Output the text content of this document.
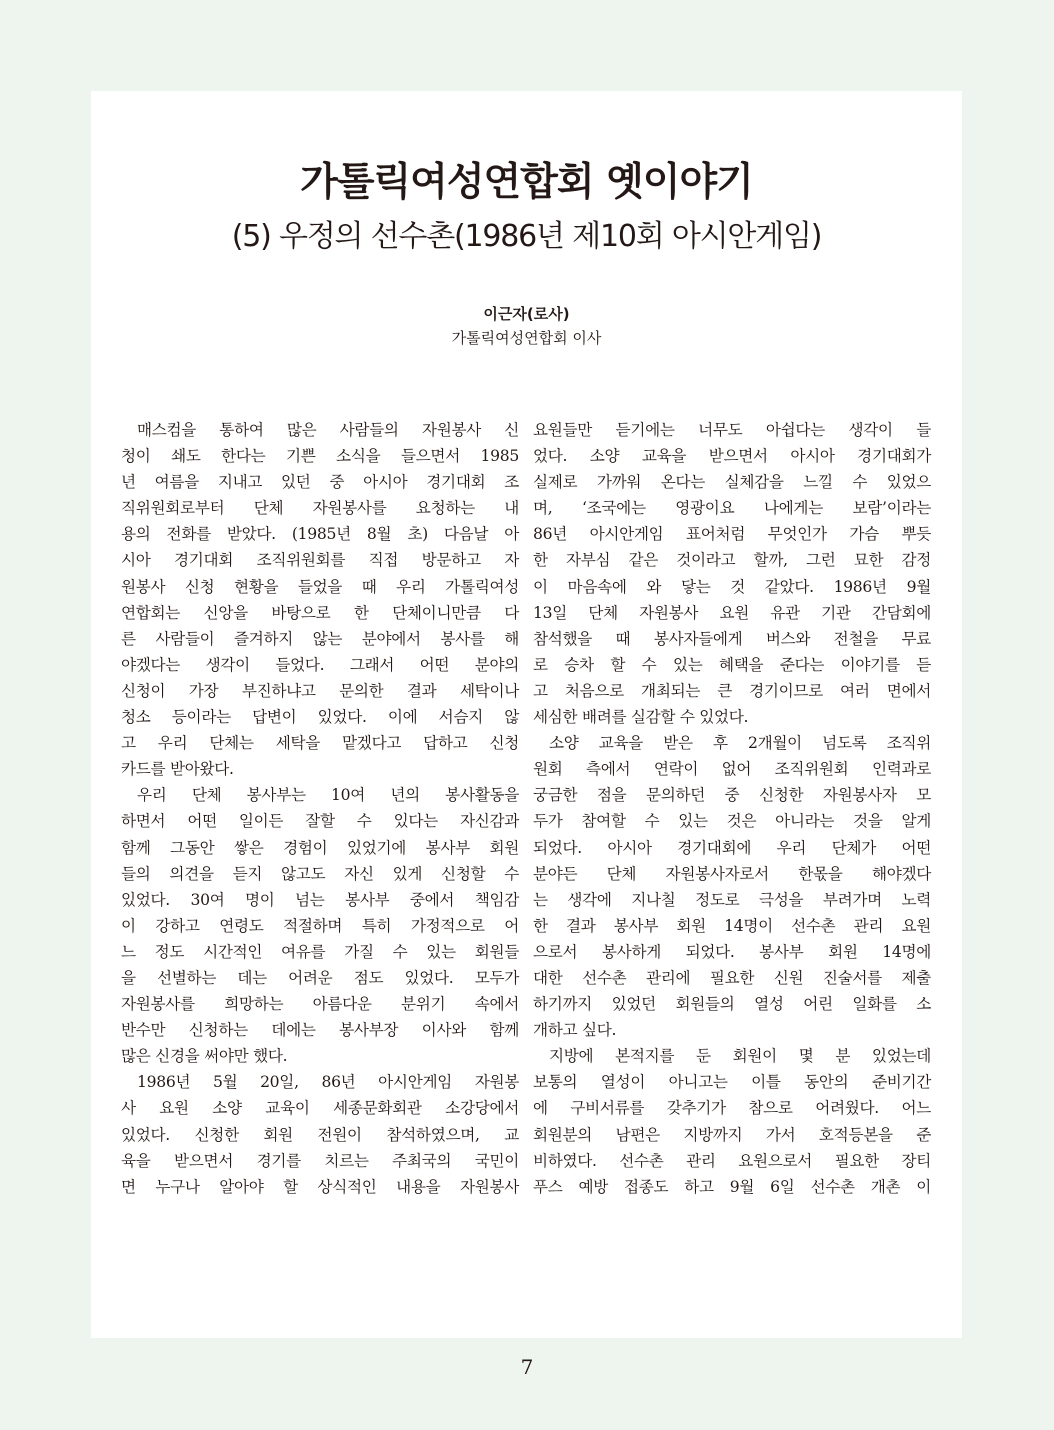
가톨릭여성연합회 옛이야기
(5) 우정의 선수촌(1986년 제10회 아시안게임)
이근자(로사)
가톨릭여성연합회 이사
매스컴을 통하여 많은 사람들의 자원봉사 신
청이 쇄도 한다는 기쁜 소식을 들으면서 1985
년 여름을 지내고 있던 중 아시아 경기대회 조
직위원회로부터 단체 자원봉사를 요청하는 내
용의 전화를 받았다. (1985년 8월 초) 다음날 아
시아 경기대회 조직위원회를 직접 방문하고 자
원봉사 신청 현황을 들었을 때 우리 가톨릭여성
연합회는 신앙을 바탕으로 한 단체이니만큼 다
른 사람들이 즐겨하지 않는 분야에서 봉사를 해
야겠다는 생각이 들었다. 그래서 어떤 분야의
신청이 가장 부진하냐고 문의한 결과 세탁이나
청소 등이라는 답변이 있었다. 이에 서슴지 않
고 우리 단체는 세탁을 맡겠다고 답하고 신청
카드를 받아왔다.
우리 단체 봉사부는 10여 년의 봉사활동을
하면서 어떤 일이든 잘할 수 있다는 자신감과
함께 그동안 쌓은 경험이 있었기에 봉사부 회원
들의 의견을 듣지 않고도 자신 있게 신청할 수
있었다. 30여 명이 넘는 봉사부 중에서 책임감
이 강하고 연령도 적절하며 특히 가정적으로 어
느 정도 시간적인 여유를 가질 수 있는 회원들
을 선별하는 데는 어려운 점도 있었다. 모두가
자원봉사를 희망하는 아름다운 분위기 속에서
반수만 신청하는 데에는 봉사부장 이사와 함께
많은 신경을 써야만 했다.
1986년 5월 20일, 86년 아시안게임 자원봉
사 요원 소양 교육이 세종문화회관 소강당에서
있었다. 신청한 회원 전원이 참석하였으며, 교
육을 받으면서 경기를 치르는 주최국의 국민이
면 누구나 알아야 할 상식적인 내용을 자원봉사
요원들만 듣기에는 너무도 아쉽다는 생각이 들
었다. 소양 교육을 받으면서 아시아 경기대회가
실제로 가까워 온다는 실체감을 느낄 수 있었으
며, ‘조국에는 영광이요 나에게는 보람’이라는
86년 아시안게임 표어처럼 무엇인가 가슴 뿌듯
한 자부심 같은 것이라고 할까, 그런 묘한 감정
이 마음속에 와 닿는 것 같았다. 1986년 9월
13일 단체 자원봉사 요원 유관 기관 간담회에
참석했을 때 봉사자들에게 버스와 전철을 무료
로 승차 할 수 있는 혜택을 준다는 이야기를 듣
고 처음으로 개최되는 큰 경기이므로 여러 면에서
세심한 배려를 실감할 수 있었다.
소양 교육을 받은 후 2개월이 넘도록 조직위
원회 측에서 연락이 없어 조직위원회 인력과로
궁금한 점을 문의하던 중 신청한 자원봉사자 모
두가 참여할 수 있는 것은 아니라는 것을 알게
되었다. 아시아 경기대회에 우리 단체가 어떤
분야든 단체 자원봉사자로서 한몫을 해야겠다
는 생각에 지나칠 정도로 극성을 부려가며 노력
한 결과 봉사부 회원 14명이 선수촌 관리 요원
으로서 봉사하게 되었다. 봉사부 회원 14명에
대한 선수촌 관리에 필요한 신원 진술서를 제출
하기까지 있었던 회원들의 열성 어린 일화를 소
개하고 싶다.
지방에 본적지를 둔 회원이 몇 분 있었는데
보통의 열성이 아니고는 이틀 동안의 준비기간
에 구비서류를 갖추기가 참으로 어려웠다. 어느
회원분의 남편은 지방까지 가서 호적등본을 준
비하였다. 선수촌 관리 요원으로서 필요한 장티
푸스 예방 접종도 하고 9월 6일 선수촌 개촌 이
7
